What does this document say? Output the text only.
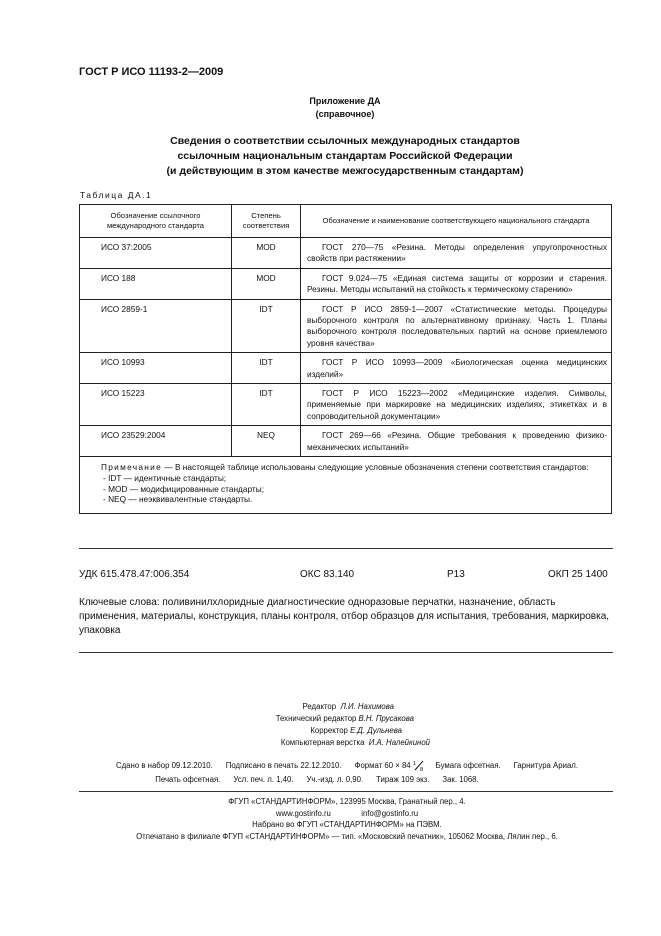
ГОСТ Р ИСО 11193-2—2009
Приложение ДА
(справочное)
Сведения о соответствии ссылочных международных стандартов
ссылочным национальным стандартам Российской Федерации
(и действующим в этом качестве межгосударственным стандартам)
Таблица ДА.1
Обозначение ссылочного международного стандарта	Степень соответствия	Обозначение и наименование соответствующего национального стандарта
ИСО 37:2005	MOD	ГОСТ 270—75 «Резина. Методы определения упругопрочностных свойств при растяжении»
ИСО 188	MOD	ГОСТ 9.024—75 «Единая система защиты от коррозии и старения. Резины. Методы испытаний на стойкость к термическому старению»
ИСО 2859-1	IDT	ГОСТ Р ИСО 2859-1—2007 «Статистические методы. Процедуры выборочного контроля по альтернативному признаку. Часть 1. Планы выборочного контроля последовательных партий на основе приемлемого уровня качества»
ИСО 10993	IDT	ГОСТ Р ИСО 10993—2009 «Биологическая оценка медицинских изделий»
ИСО 15223	IDT	ГОСТ Р ИСО 15223—2002 «Медицинские изделия. Символы, применяемые при маркировке на медицинских изделиях, этикетках и в сопроводительной документации»
ИСО 23529:2004	NEQ	ГОСТ 269—66 «Резина. Общие требования к проведению физико-механических испытаний»

Примечание — В настоящей таблице использованы следующие условные обозначения степени соответствия стандартов:
- IDT — идентичные стандарты;
- MOD — модифицированные стандарты;
- NEQ — неэквивалентные стандарты.		
УДК 615.478.47:006.354	ОКС 83.140	Р13	ОКП 25 1400
Ключевые слова: поливинилхлоридные диагностические одноразовые перчатки, назначение, область применения, материалы, конструкция, планы контроля, отбор образцов для испытания, требования, маркировка, упаковка
Редактор Л.И. Нахимова
Технический редактор В.Н. Прусакова
Корректор Е.Д. Дульнева
Компьютерная верстка И.А. Налейкиной
Сдано в набор 09.12.2010. Подписано в печать 22.12.2010. Формат 60 × 84 1
8 Бумага офсетная. Гарнитура Ариал.
Печать офсетная. Усл. печ. л. 1,40. Уч.-изд. л. 0,90. Тираж 109 экз. Зак. 1068.
ФГУП «СТАНДАРТИНФОРМ», 123995 Москва, Гранатный пер., 4.
www.gostinfo.ru	info@gostinfo.ru
Набрано во ФГУП «СТАНДАРТИНФОРМ» на ПЭВМ.
Отпечатано в филиале ФГУП «СТАНДАРТИНФОРМ» — тип. «Московский печатник», 105062 Москва, Лялин пер., 6.
